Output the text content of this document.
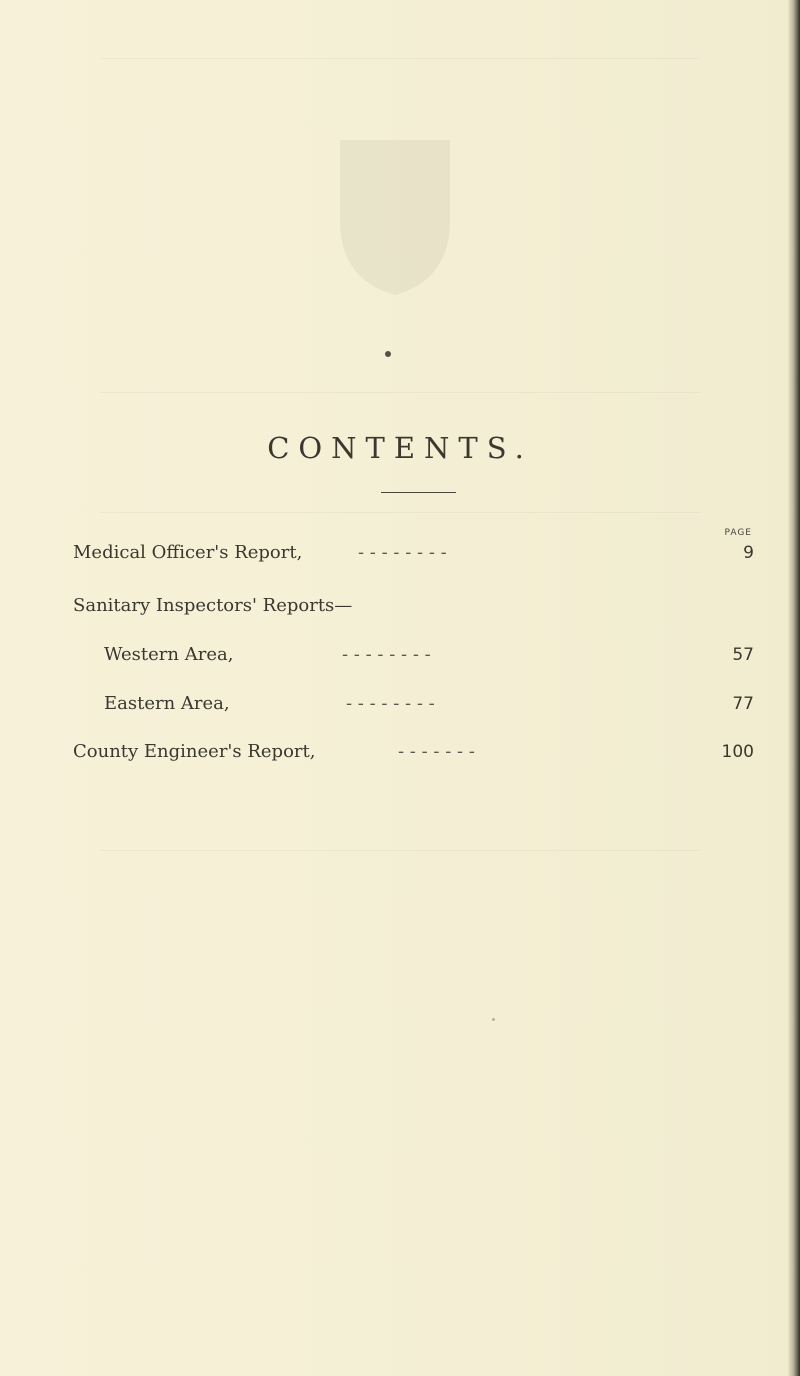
CONTENTS.
PAGE
Medical Officer's Report,	- - - - - - - -	9
Sanitary Inspectors' Reports—
Western Area,	- - - - - - - -	57
Eastern Area,	- - - - - - - -	77
County Engineer's Report,	- - - - - - -	100
